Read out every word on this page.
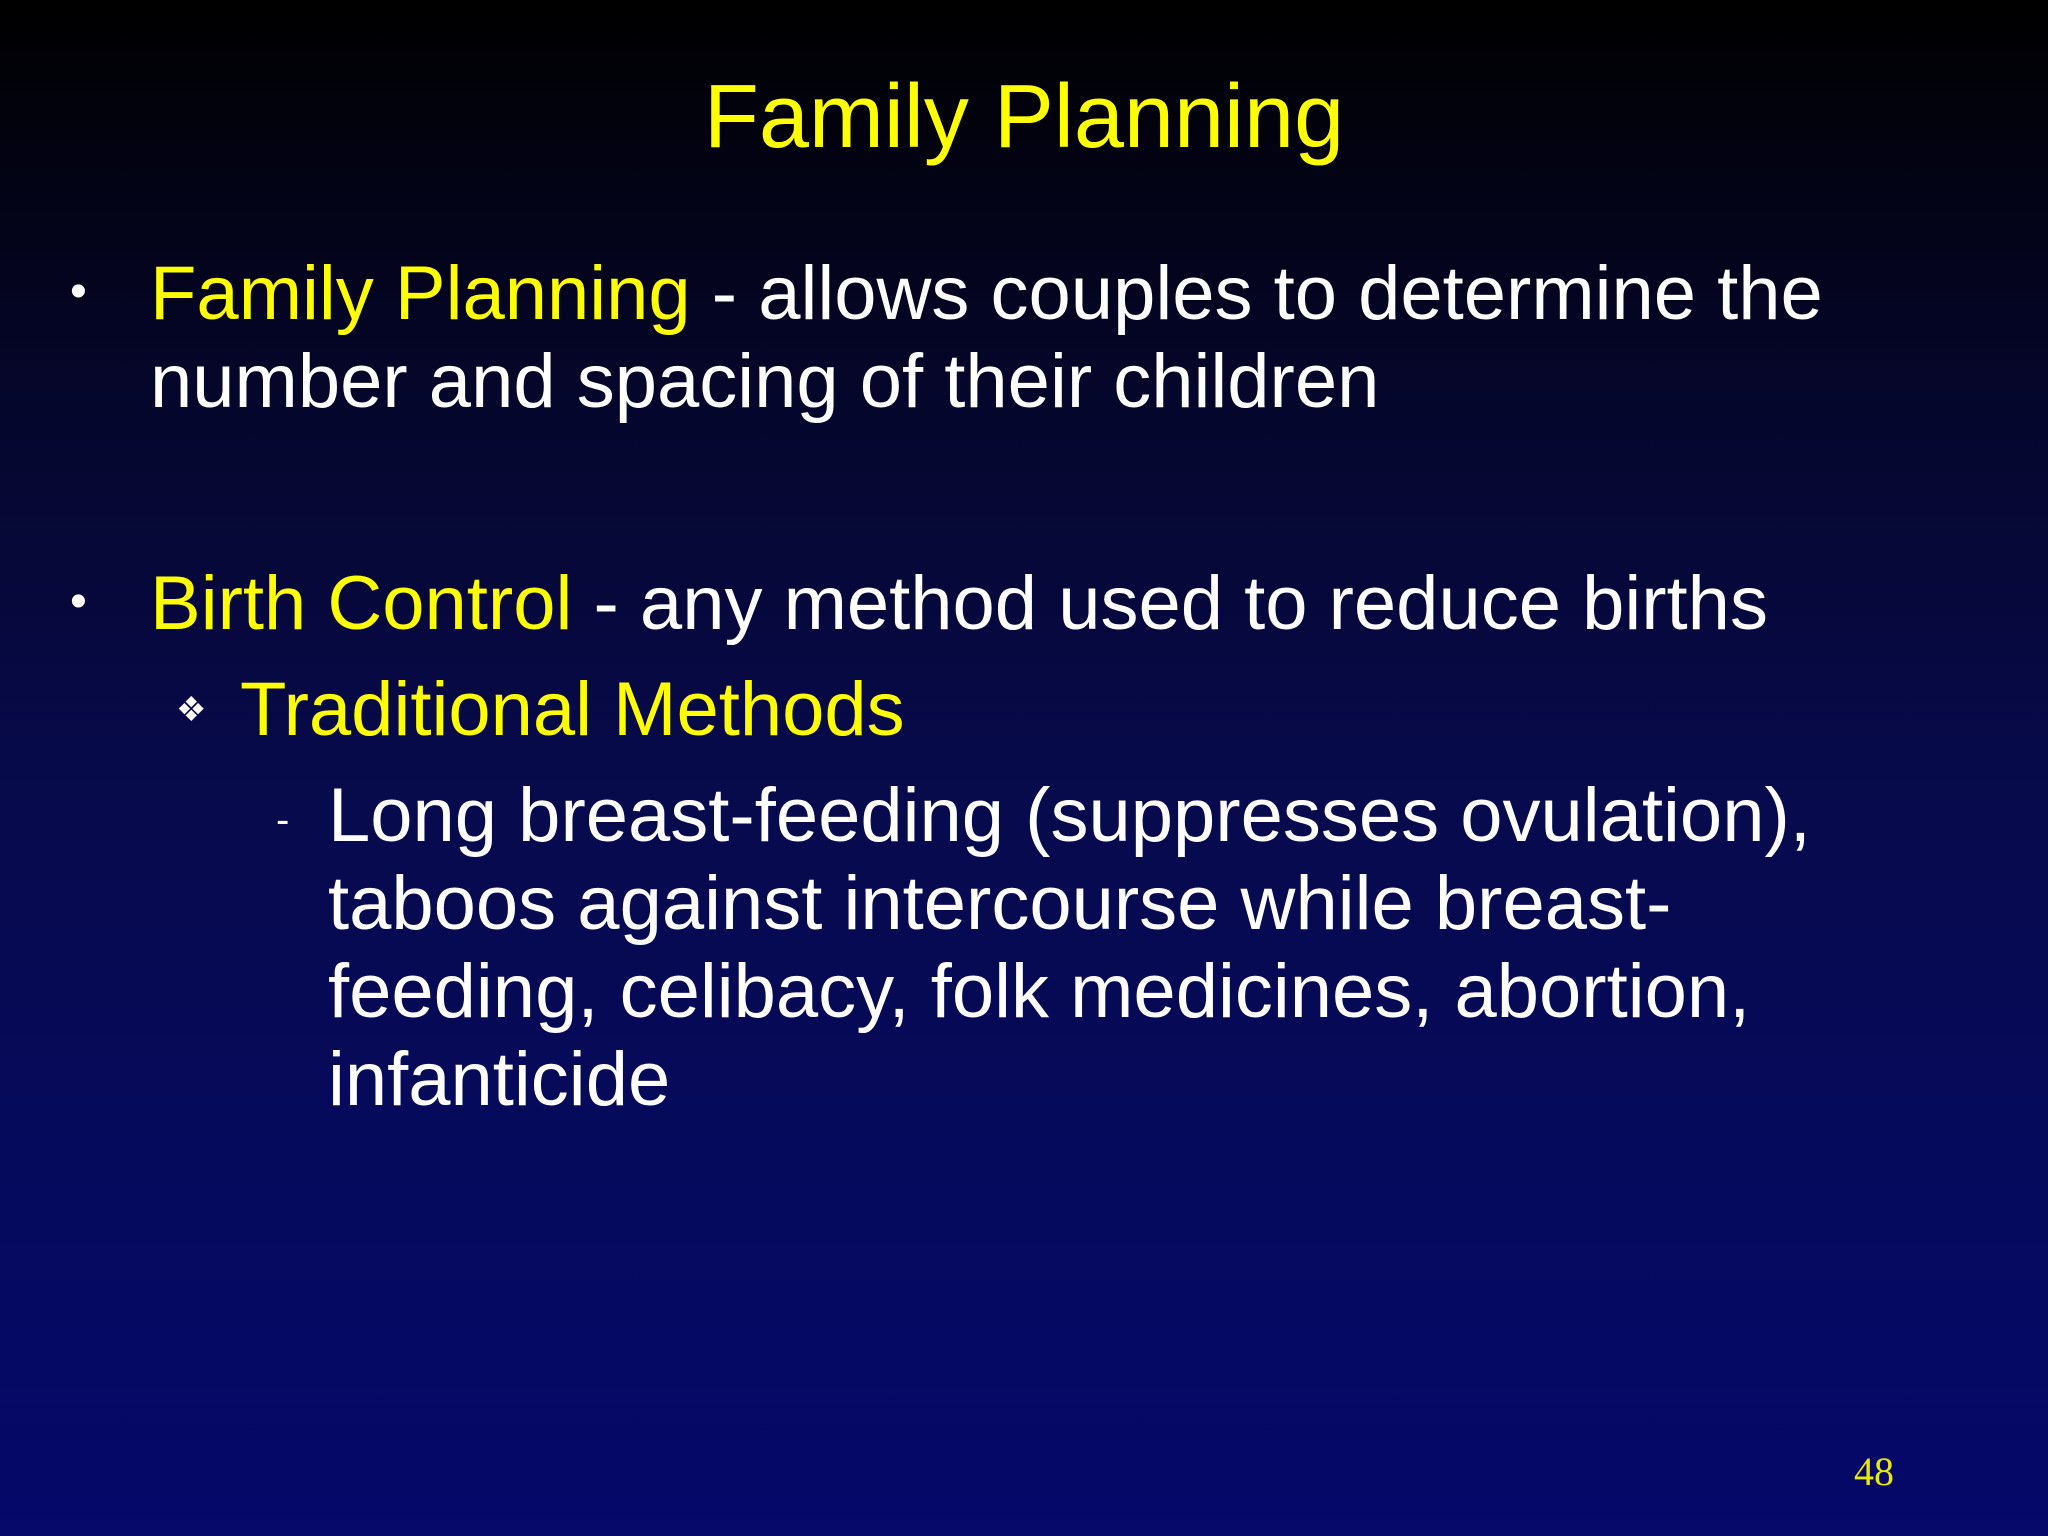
Family Planning
• Family Planning - allows couples to determine the number and spacing of their children

• Birth Control - any method used to reduce births

❖ Traditional Methods

- Long breast-feeding (suppresses ovulation), taboos against intercourse while breast-feeding, celibacy, folk medicines, abortion, infanticide

48
